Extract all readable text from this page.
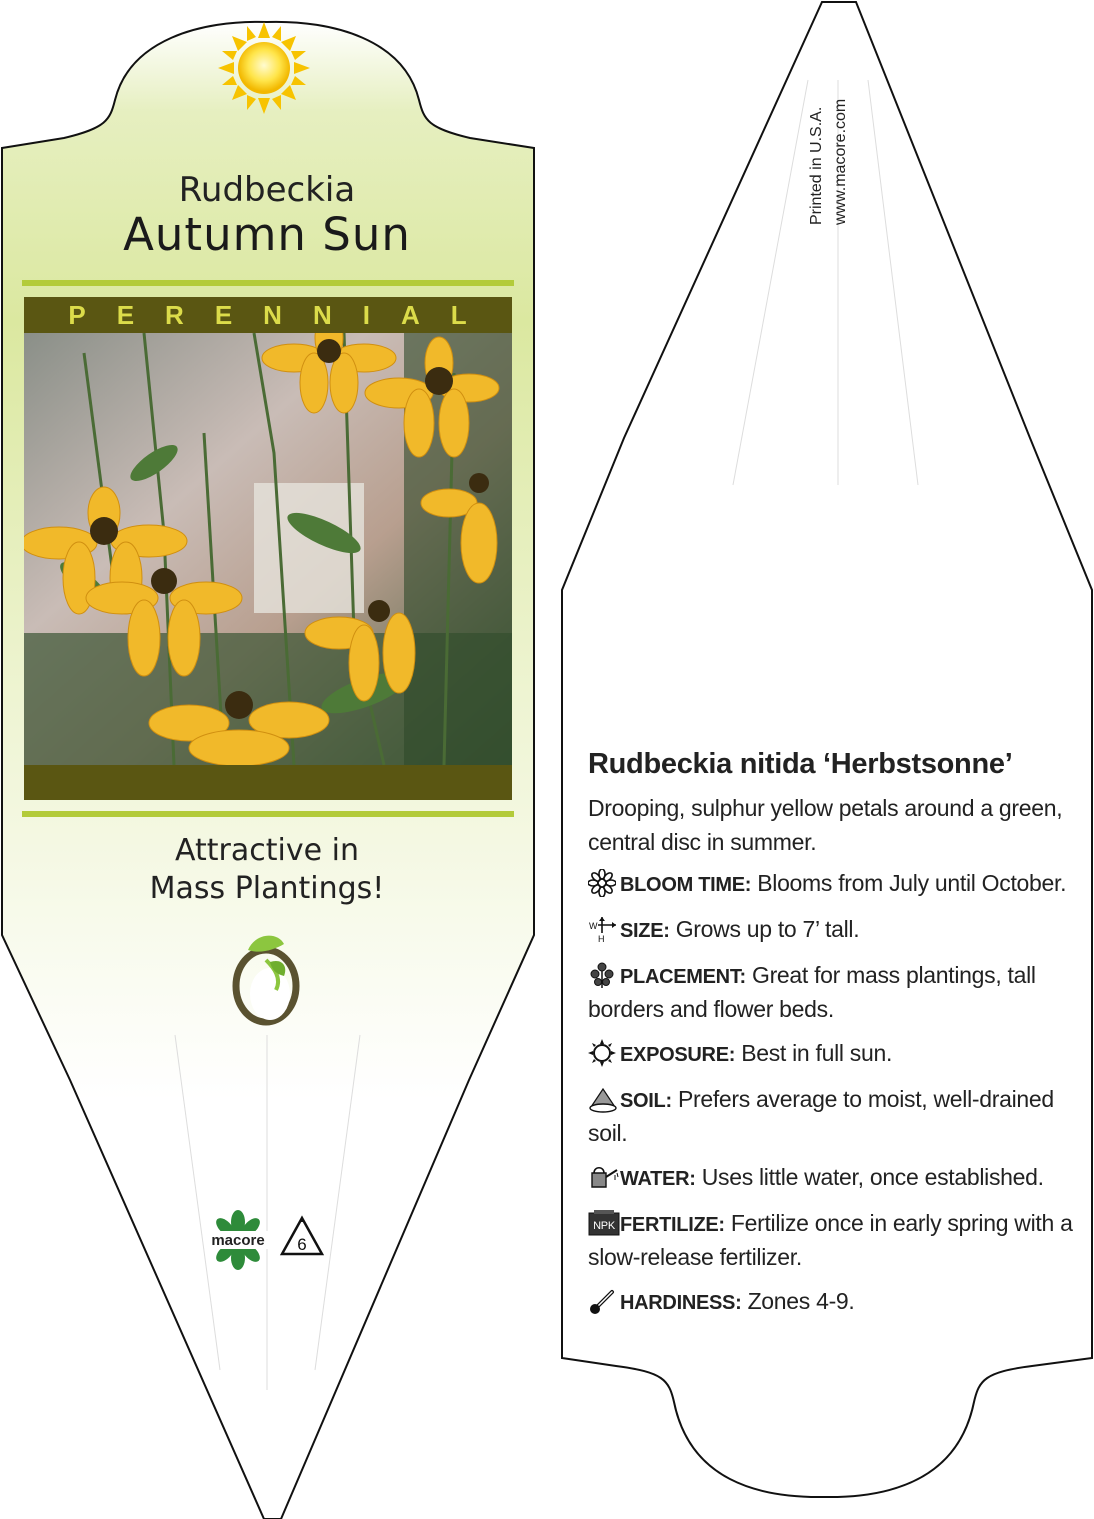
macore 6
Rudbeckia
Autumn Sun
PERENNIAL
Attractive in
Mass Plantings!
Printed in U.S.A. www.macore.com
Rudbeckia nitida ‘Herbstsonne’
Drooping, sulphur yellow petals around a green, central disc in summer.
BLOOM TIME: Blooms from July until October.
W
H SIZE: Grows up to 7’ tall.
PLACEMENT: Great for mass plantings, tall borders and flower beds.
EXPOSURE: Best in full sun.
SOIL: Prefers average to moist, well-drained soil.
WATER: Uses little water, once established.
NPK FERTILIZE: Fertilize once in early spring with a slow-release fertilizer.
HARDINESS: Zones 4-9.
